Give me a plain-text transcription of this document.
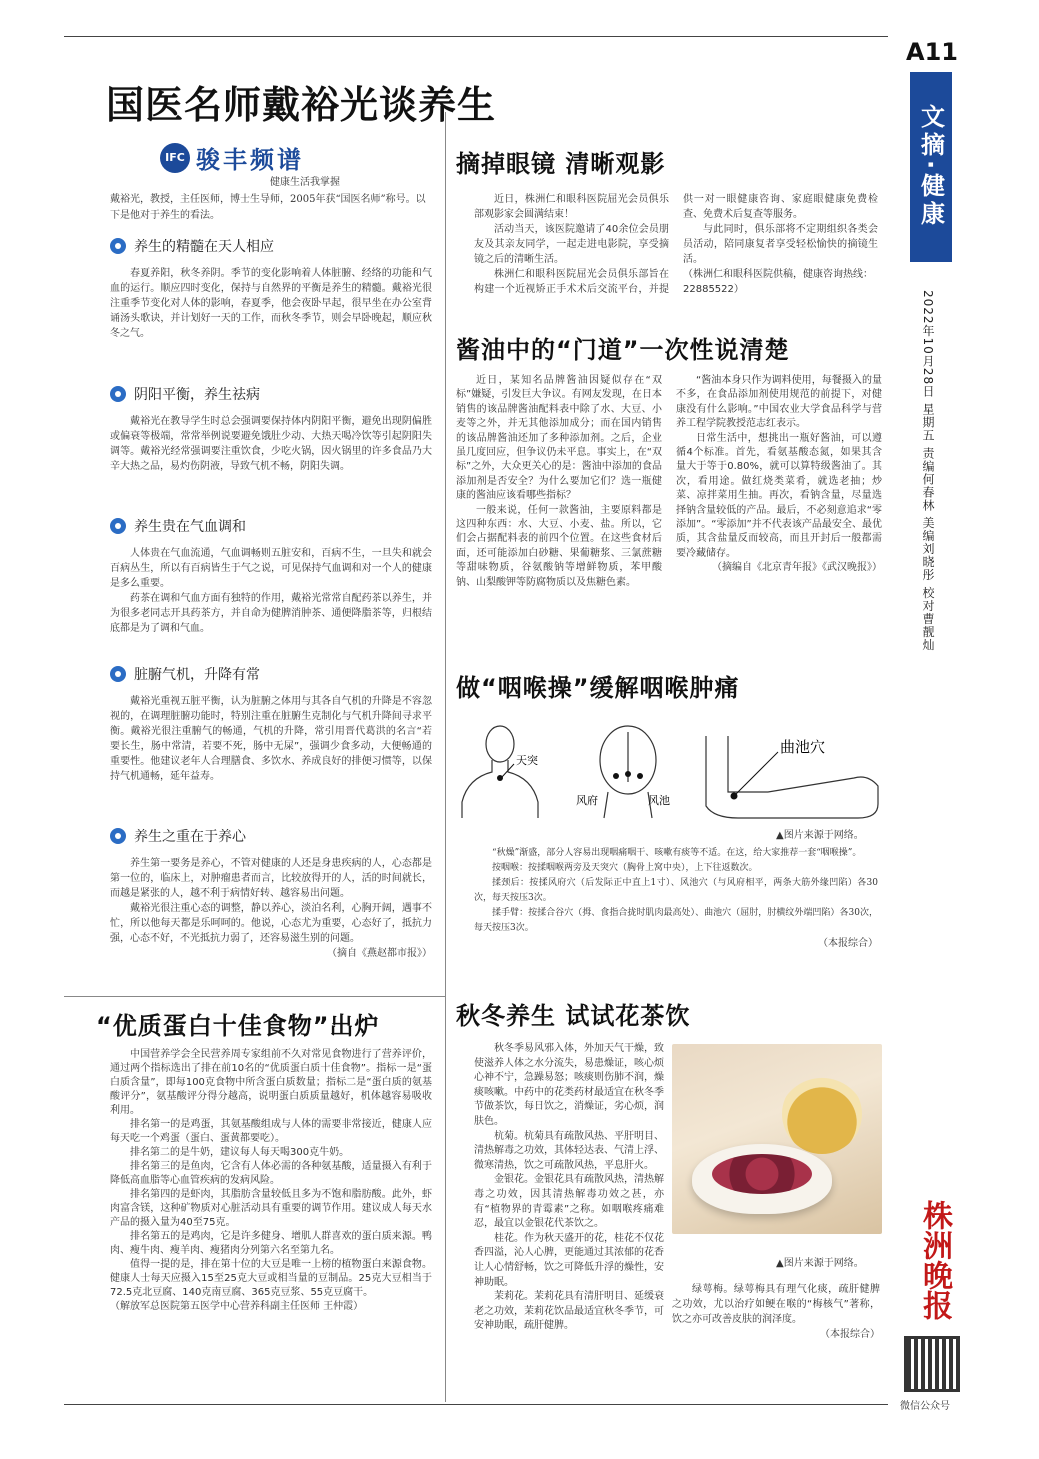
A11
文摘·健康
2022年10月28日 星期五 责编何春林 美编刘晓彤 校对曹靓灿
株洲晚报
微信公众号
国医名师戴裕光谈养生
IFC 骏丰频谱
健康生活我掌握
戴裕光，教授，主任医师，博士生导师，2005年获“国医名师”称号。以下是他对于养生的看法。
养生的精髓在天人相应

春夏养阳，秋冬养阴。季节的变化影响着人体脏腑、经络的功能和气血的运行。顺应四时变化，保持与自然界的平衡是养生的精髓。戴裕光很注重季节变化对人体的影响，春夏季，他会夜卧早起，很早坐在办公室背诵汤头歌诀，并计划好一天的工作，而秋冬季节，则会早卧晚起，顺应秋冬之气。

阴阳平衡，养生祛病

戴裕光在教导学生时总会强调要保持体内阴阳平衡，避免出现阴偏胜或偏衰等极端，常常举例说要避免饿肚少动、大热天喝冷饮等引起阴阳失调等。戴裕光经常强调要注重饮食，少吃火锅，因火锅里的许多食品乃大辛大热之品，易灼伤阴液，导致气机不畅，阴阳失调。

养生贵在气血调和

人体贵在气血流通，气血调畅则五脏安和，百病不生，一旦失和就会百病丛生，所以有百病皆生于气之说，可见保持气血调和对一个人的健康是多么重要。

药茶在调和气血方面有独特的作用，戴裕光常常自配药茶以养生，并为很多老同志开具药茶方，并自命为健脾消肿茶、通便降脂茶等，归根结底都是为了调和气血。

脏腑气机，升降有常

戴裕光重视五脏平衡，认为脏腑之体用与其各自气机的升降是不容忽视的，在调理脏腑功能时，特别注重在脏腑生克制化与气机升降间寻求平衡。戴裕光很注重腑气的畅通，气机的升降，常引用晋代葛洪的名言“若要长生，肠中常清，若要不死，肠中无屎”，强调少食多动，大便畅通的重要性。他建议老年人合理膳食、多饮水、养成良好的排便习惯等，以保持气机通畅，延年益寿。

养生之重在于养心

养生第一要务是养心，不管对健康的人还是身患疾病的人，心态都是第一位的，临床上，对肿瘤患者而言，比较放得开的人，活的时间就长，而越是紧张的人，越不利于病情好转、越容易出问题。

戴裕光很注重心态的调整，静以养心，淡泊名利，心胸开阔，遇事不忙，所以他每天都是乐呵呵的。他说，心态尤为重要，心态好了，抵抗力强，心态不好，不光抵抗力弱了，还容易滋生别的问题。

（摘自《燕赵都市报》）
“优质蛋白十佳食物”出炉

中国营养学会全民营养周专家组前不久对常见食物进行了营养评价，通过两个指标选出了排在前10名的“优质蛋白质十佳食物”。指标一是“蛋白质含量”，即每100克食物中所含蛋白质数量；指标二是“蛋白质的氨基酸评分”，氨基酸评分得分越高，说明蛋白质质量越好，机体越容易吸收利用。

排名第一的是鸡蛋，其氨基酸组成与人体的需要非常接近，健康人应每天吃一个鸡蛋（蛋白、蛋黄都要吃）。

排名第二的是牛奶，建议每人每天喝300克牛奶。

排名第三的是鱼肉，它含有人体必需的各种氨基酸，适量摄入有利于降低高血脂等心血管疾病的发病风险。

排名第四的是虾肉，其脂肪含量较低且多为不饱和脂肪酸。此外，虾肉富含镁，这种矿物质对心脏活动具有重要的调节作用。建议成人每天水产品的摄入量为40至75克。

排名第五的是鸡肉，它是许多健身、增肌人群喜欢的蛋白质来源。鸭肉、瘦牛肉、瘦羊肉、瘦猪肉分列第六名至第九名。

值得一提的是，排在第十位的大豆是唯一上榜的植物蛋白来源食物。健康人士每天应摄入15至25克大豆或相当量的豆制品。25克大豆相当于72.5克北豆腐、140克南豆腐、365克豆浆、55克豆腐干。

（解放军总医院第五医学中心营养科副主任医师 王仲霞）
摘掉眼镜 清晰观影

近日，株洲仁和眼科医院屈光会员俱乐部观影家会圆满结束！

活动当天，该医院邀请了40余位会员朋友及其亲友同学，一起走进电影院，享受摘镜之后的清晰生活。

株洲仁和眼科医院屈光会员俱乐部旨在构建一个近视矫正手术术后交流平台，并提供一对一眼健康咨询、家庭眼健康免费检查、免费术后复查等服务。

与此同时，俱乐部将不定期组织各类会员活动，陪同康复者享受轻松愉快的摘镜生活。

（株洲仁和眼科医院供稿，健康咨询热线：22885522）
酱油中的“门道”一次性说清楚

近日，某知名品牌酱油因疑似存在“双标”嫌疑，引发巨大争议。有网友发现，在日本销售的该品牌酱油配料表中除了水、大豆、小麦等之外，并无其他添加成分；而在国内销售的该品牌酱油还加了多种添加剂。之后，企业虽几度回应，但争议仍未平息。事实上，在“双标”之外，大众更关心的是：酱油中添加的食品添加剂是否安全？为什么要加它们？选一瓶健康的酱油应该看哪些指标？

一般来说，任何一款酱油，主要原料都是这四种东西：水、大豆、小麦、盐。所以，它们会占据配料表的前四个位置。在这些食材后面，还可能添加白砂糖、果葡糖浆、三氯蔗糖等甜味物质，谷氨酸钠等增鲜物质，苯甲酸钠、山梨酸钾等防腐物质以及焦糖色素。

“酱油本身只作为调料使用，每餐摄入的量不多，在食品添加剂使用规范的前提下，对健康没有什么影响。”中国农业大学食品科学与营养工程学院教授范志红表示。

日常生活中，想挑出一瓶好酱油，可以遵循4个标准。首先，看氨基酸态氮，如果其含量大于等于0.80%，就可以算特级酱油了。其次，看用途。做红烧类菜肴，就选老抽；炒菜、凉拌菜用生抽。再次，看钠含量，尽量选择钠含量较低的产品。最后，不必刻意追求“零添加”。“零添加”并不代表该产品最安全、最优质，其含盐量反而较高，而且开封后一般都需要冷藏储存。

（摘编自《北京青年报》《武汉晚报》）
做“咽喉操”缓解咽喉肿痛
天突
风府	风池
曲池穴
▲图片来源于网络。

“秋燥”渐盛，部分人容易出现咽痛咽干、咳嗽有痰等不适。在这，给大家推荐一套“咽喉操”。

按咽喉：按揉咽喉两旁及天突穴（胸骨上窝中央），上下往返数次。

揉颈后：按揉风府穴（后发际正中直上1寸）、风池穴（与风府相平，两条大筋外缘凹陷）各30次，每天按压3次。

揉手臂：按揉合谷穴（拇、食指合拢时肌肉最高处）、曲池穴（屈肘，肘横纹外端凹陷）各30次，每天按压3次。

（本报综合）
秋冬养生 试试花茶饮

秋冬季易风邪入体，外加天气干燥，致使滋养人体之水分流失，易患燥证，咳心烦心神不宁，急躁易怒；咳痰则伤肺不润，燥痰咳嗽。中药中的花类药材最适宜在秋冬季节做茶饮，每日饮之，消燥证，劣心烦，润肤色。

杭菊。杭菊具有疏散风热、平肝明目、清热解毒之功效，其体轻达表、气清上浮、微寒清热，饮之可疏散风热，平息肝火。

金银花。金银花具有疏散风热，清热解毒之功效，因其清热解毒功效之甚，亦有“植物界的青霉素”之称。如咽喉疼痛难忍，最宜以金银花代茶饮之。

桂花。作为秋天盛开的花，桂花不仅花香四溢，沁人心脾，更能通过其浓郁的花香让人心情舒畅，饮之可降低升浮的燥性，安神助眠。

茉莉花。茉莉花具有清肝明目、延缓衰老之功效，茉莉花饮品最适宜秋冬季节，可安神助眠，疏肝健脾。

▲图片来源于网络。

绿萼梅。绿萼梅具有理气化痰，疏肝健脾之功效，尤以治疗如鲠在喉的“梅核气”著称，饮之亦可改善皮肤的润泽度。

（本报综合）
